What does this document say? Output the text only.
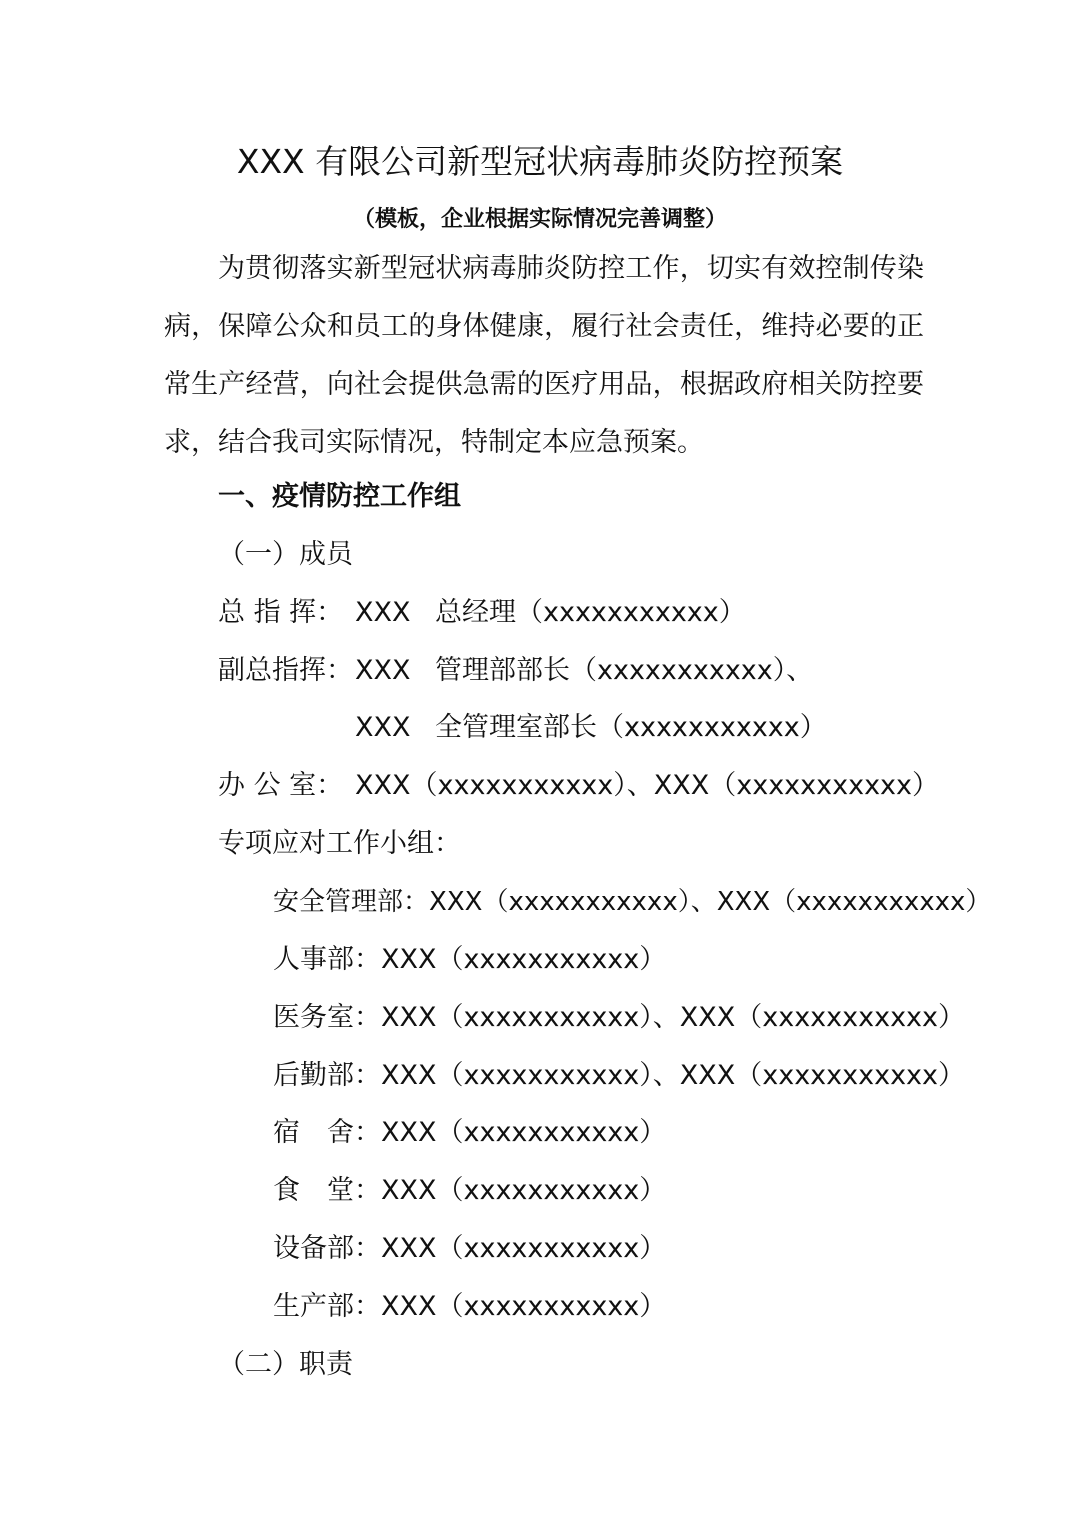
XXX 有限公司新型冠状病毒肺炎防控预案
（模板，企业根据实际情况完善调整）
为贯彻落实新型冠状病毒肺炎防控工作，切实有效控制传染病，保障公众和员工的身体健康，履行社会责任，维持必要的正常生产经营，向社会提供急需的医疗用品，根据政府相关防控要求，结合我司实际情况，特制定本应急预案。
一、疫情防控工作组
（一）成员
总 指 挥： XXX 总经理（xxxxxxxxxxx）
副总指挥：XXX 管理部部长（xxxxxxxxxxx）、
XXX 全管理室部长（xxxxxxxxxxx）
办 公 室： XXX（xxxxxxxxxxx）、XXX（xxxxxxxxxxx）
专项应对工作小组：
安全管理部：XXX（xxxxxxxxxxx）、XXX（xxxxxxxxxxx）
人事部：XXX（xxxxxxxxxxx）
医务室：XXX（xxxxxxxxxxx）、XXX（xxxxxxxxxxx）
后勤部：XXX（xxxxxxxxxxx）、XXX（xxxxxxxxxxx）
宿　舍：XXX（xxxxxxxxxxx）
食　堂：XXX（xxxxxxxxxxx）
设备部：XXX（xxxxxxxxxxx）
生产部：XXX（xxxxxxxxxxx）
（二）职责
